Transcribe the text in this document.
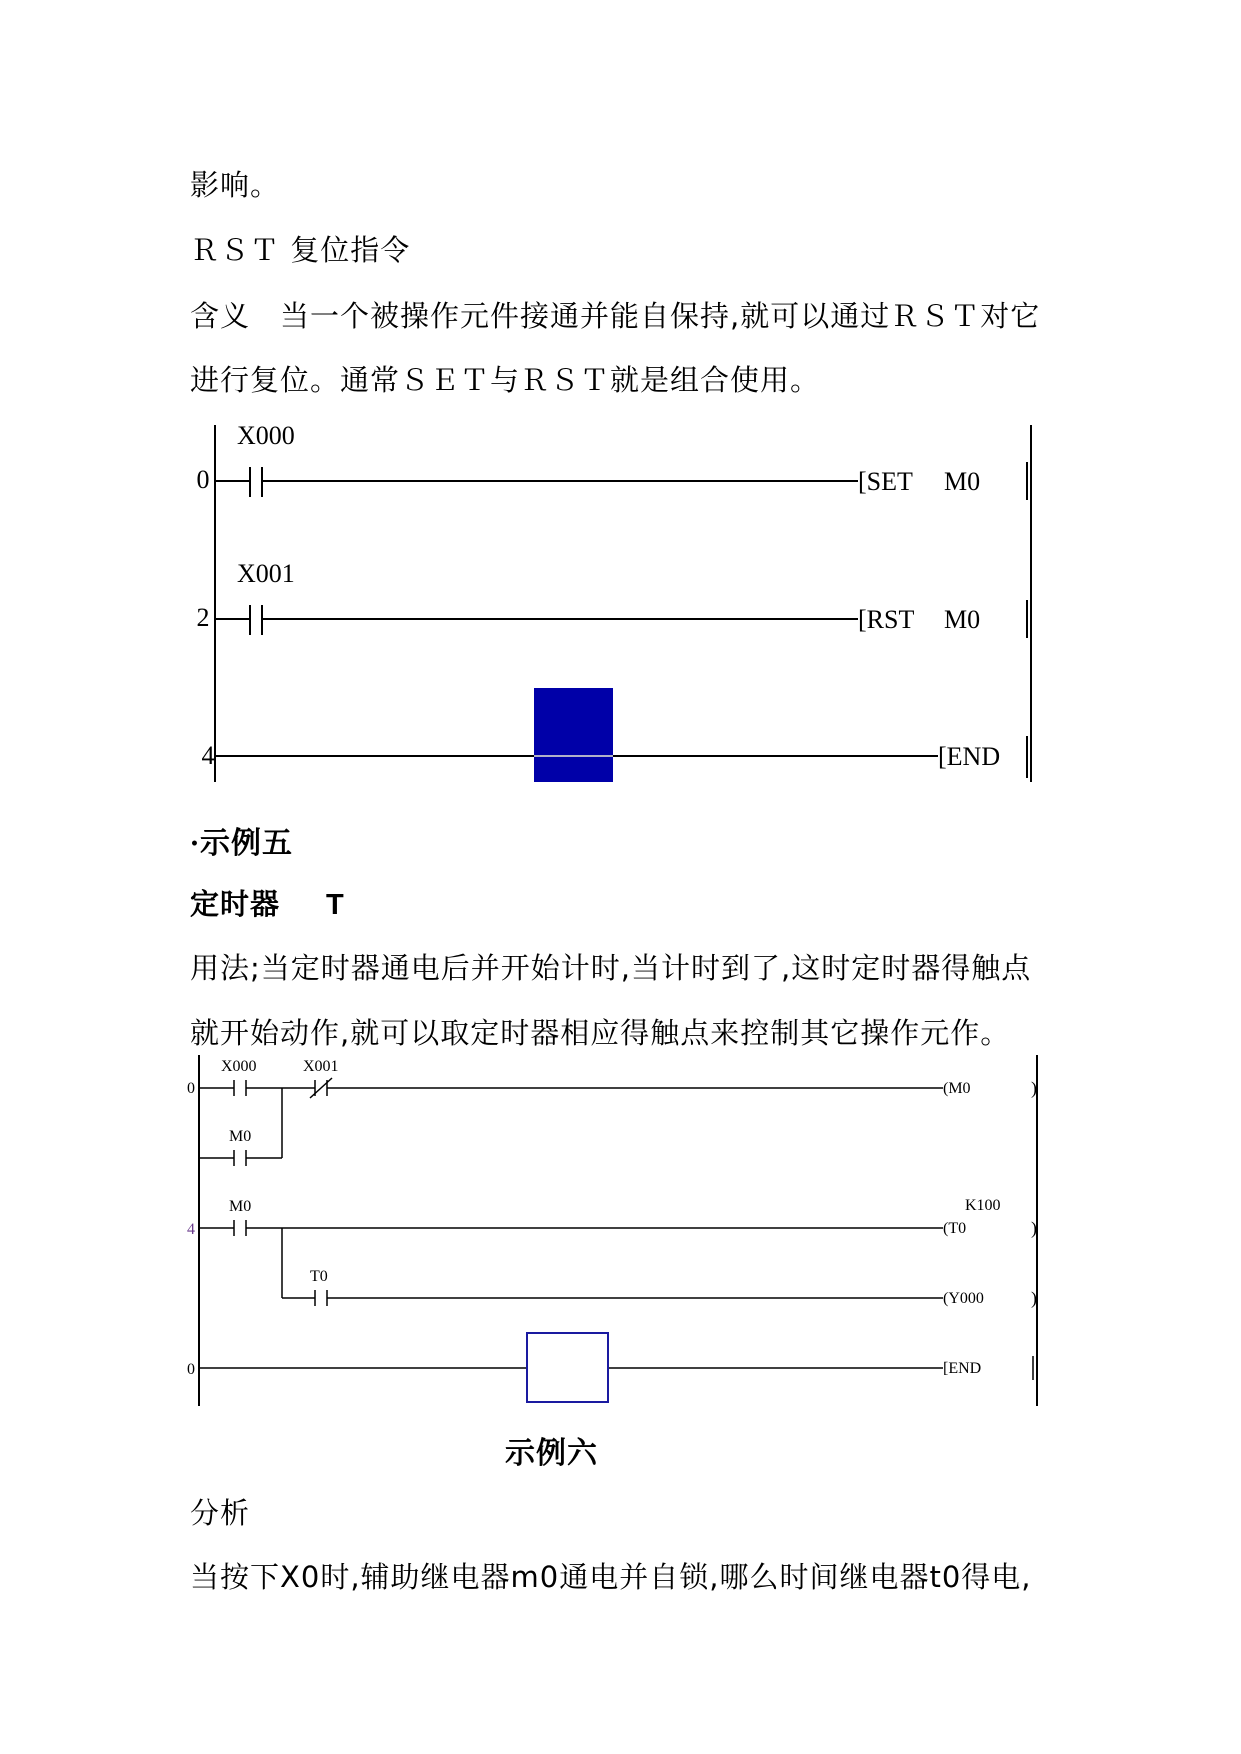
影响。
ＲＳＴ 复位指令
含义　当一个被操作元件接通并能自保持,就可以通过ＲＳＴ对它
进行复位。通常ＳＥＴ与ＲＳＴ就是组合使用。
0
X000
[SET M0
2
X001
[RST M0
4	[END
•示例五
定时器 T
用法;当定时器通电后并开始计时,当计时到了,这时定时器得触点
就开始动作,就可以取定时器相应得触点来控制其它操作元作。
0
X000	X001
(M0	)
M0
4
M0
(T0
K100
)
T0
(Y000	)
0	[END
示例六
分析
当按下X0时,辅助继电器m0通电并自锁,哪么时间继电器t0得电,
